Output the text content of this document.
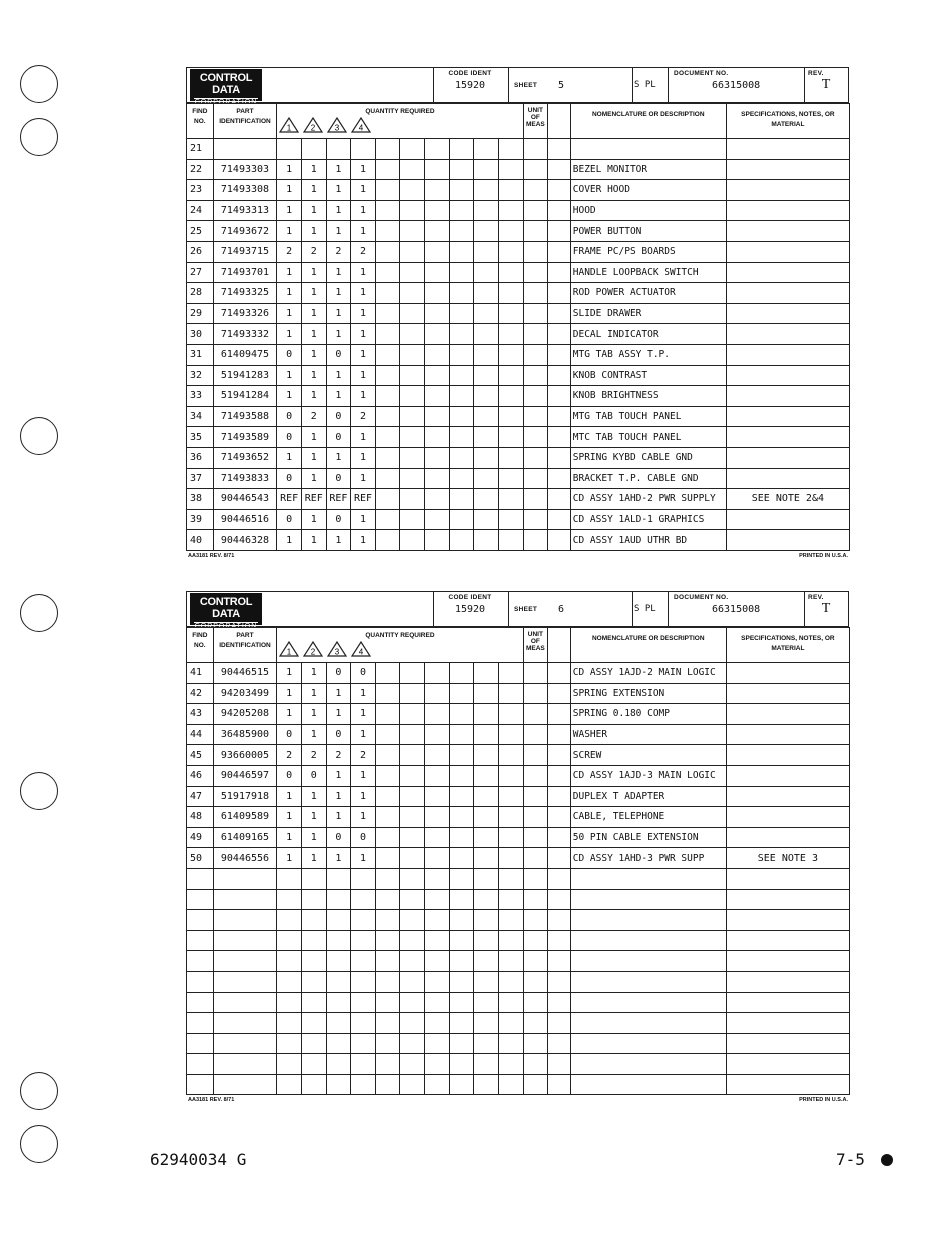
CONTROL DATA
CORPORATION
CODE IDENT
15920	SHEET 5	S PL
DOCUMENT NO.
66315008
REV.
T
FIND NO.	PART IDENTIFICATION	QUANTITY REQUIRED
1 2 3 4										UNIT OF MEAS		NOMENCLATURE OR DESCRIPTION	SPECIFICATIONS, NOTES, OR MATERIAL

21															
22	71493303	1	1	1	1									BEZEL MONITOR	
23	71493308	1	1	1	1									COVER HOOD	
24	71493313	1	1	1	1									HOOD	
25	71493672	1	1	1	1									POWER BUTTON	
26	71493715	2	2	2	2									FRAME PC/PS BOARDS	
27	71493701	1	1	1	1									HANDLE LOOPBACK SWITCH	
28	71493325	1	1	1	1									ROD POWER ACTUATOR	
29	71493326	1	1	1	1									SLIDE DRAWER	
30	71493332	1	1	1	1									DECAL INDICATOR	
31	61409475	0	1	0	1									MTG TAB ASSY T.P.	
32	51941283	1	1	1	1									KNOB CONTRAST	
33	51941284	1	1	1	1									KNOB BRIGHTNESS	
34	71493588	0	2	0	2									MTG TAB TOUCH PANEL	
35	71493589	0	1	0	1									MTC TAB TOUCH PANEL	
36	71493652	1	1	1	1									SPRING KYBD CABLE GND	
37	71493833	0	1	0	1									BRACKET T.P. CABLE GND	
38	90446543	REF	REF	REF	REF									CD ASSY 1AHD-2 PWR SUPPLY	SEE NOTE 2&4
39	90446516	0	1	0	1									CD ASSY 1ALD-1 GRAPHICS	
40	90446328	1	1	1	1									CD ASSY 1AUD UTHR BD	
AA3181 REV. 8/71	PRINTED IN U.S.A.
CONTROL DATA
CORPORATION
CODE IDENT
15920	SHEET 6	S PL
DOCUMENT NO.
66315008
REV.
T
FIND NO.	PART IDENTIFICATION	QUANTITY REQUIRED
1 2 3 4										UNIT OF MEAS		NOMENCLATURE OR DESCRIPTION	SPECIFICATIONS, NOTES, OR MATERIAL

41	90446515	1	1	0	0									CD ASSY 1AJD-2 MAIN LOGIC	
42	94203499	1	1	1	1									SPRING EXTENSION	
43	94205208	1	1	1	1									SPRING 0.180 COMP	
44	36485900	0	1	0	1									WASHER	
45	93660005	2	2	2	2									SCREW	
46	90446597	0	0	1	1									CD ASSY 1AJD-3 MAIN LOGIC	
47	51917918	1	1	1	1									DUPLEX T ADAPTER	
48	61409589	1	1	1	1									CABLE, TELEPHONE	
49	61409165	1	1	0	0									50 PIN CABLE EXTENSION	
50	90446556	1	1	1	1									CD ASSY 1AHD-3 PWR SUPP	SEE NOTE 3

AA3181 REV. 8/71	PRINTED IN U.S.A.
62940034 G	7-5
